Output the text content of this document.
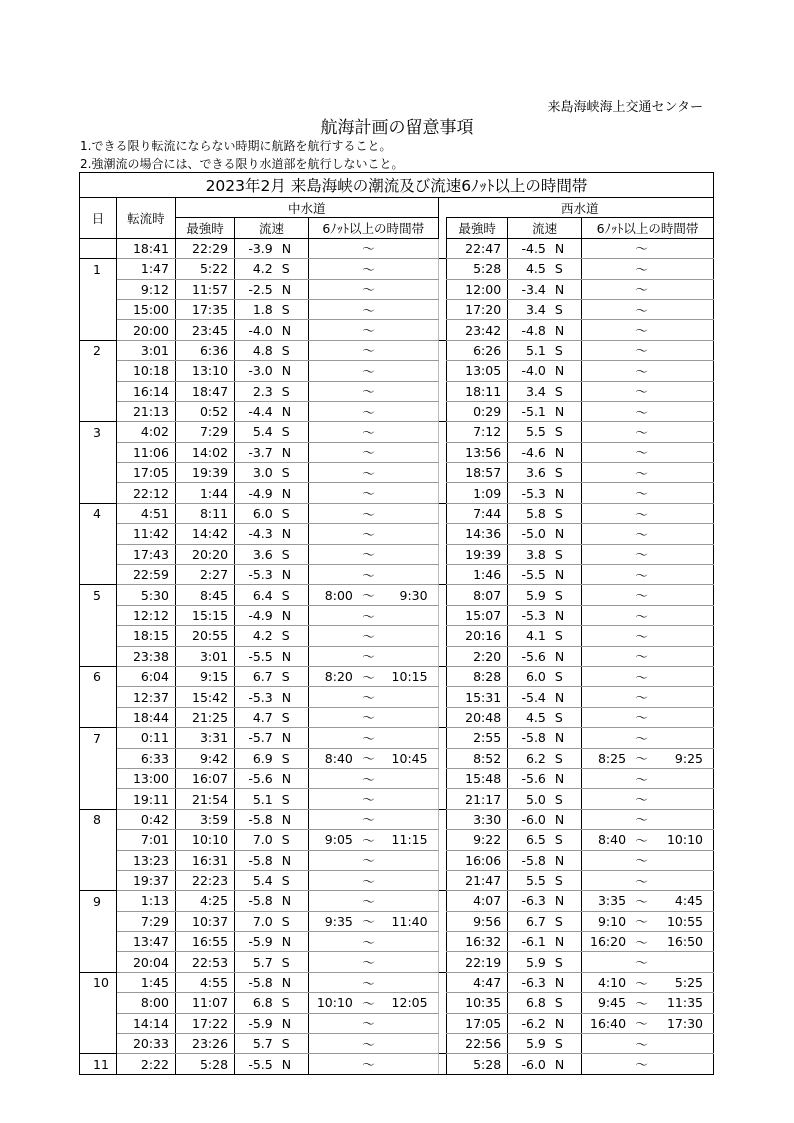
来島海峡海上交通センター
航海計画の留意事項
1.できる限り転流にならない時期に航路を航行すること。
2.強潮流の場合には、できる限り水道部を航行しないこと。
2023年2月 来島海峡の潮流及び流速6ﾉｯﾄ以上の時間帯														
日	転流時	中水道							西水道					
		最強時	流速		6ﾉｯﾄ以上の時間帯				最強時	流速		6ﾉｯﾄ以上の時間帯		
	18:41	22:29	-3.9	N		〜			22:47	-4.5	N		〜	
1	1:47	5:22	4.2	S		〜			5:28	4.5	S		〜	
	9:12	11:57	-2.5	N		〜			12:00	-3.4	N		〜	
	15:00	17:35	1.8	S		〜			17:20	3.4	S		〜	
	20:00	23:45	-4.0	N		〜			23:42	-4.8	N		〜	
2	3:01	6:36	4.8	S		〜			6:26	5.1	S		〜	
	10:18	13:10	-3.0	N		〜			13:05	-4.0	N		〜	
	16:14	18:47	2.3	S		〜			18:11	3.4	S		〜	
	21:13	0:52	-4.4	N		〜			0:29	-5.1	N		〜	
3	4:02	7:29	5.4	S		〜			7:12	5.5	S		〜	
	11:06	14:02	-3.7	N		〜			13:56	-4.6	N		〜	
	17:05	19:39	3.0	S		〜			18:57	3.6	S		〜	
	22:12	1:44	-4.9	N		〜			1:09	-5.3	N		〜	
4	4:51	8:11	6.0	S		〜			7:44	5.8	S		〜	
	11:42	14:42	-4.3	N		〜			14:36	-5.0	N		〜	
	17:43	20:20	3.6	S		〜			19:39	3.8	S		〜	
	22:59	2:27	-5.3	N		〜			1:46	-5.5	N		〜	
5	5:30	8:45	6.4	S	8:00	〜	9:30		8:07	5.9	S		〜	
	12:12	15:15	-4.9	N		〜			15:07	-5.3	N		〜	
	18:15	20:55	4.2	S		〜			20:16	4.1	S		〜	
	23:38	3:01	-5.5	N		〜			2:20	-5.6	N		〜	
6	6:04	9:15	6.7	S	8:20	〜	10:15		8:28	6.0	S		〜	
	12:37	15:42	-5.3	N		〜			15:31	-5.4	N		〜	
	18:44	21:25	4.7	S		〜			20:48	4.5	S		〜	
7	0:11	3:31	-5.7	N		〜			2:55	-5.8	N		〜	
	6:33	9:42	6.9	S	8:40	〜	10:45		8:52	6.2	S	8:25	〜	9:25
	13:00	16:07	-5.6	N		〜			15:48	-5.6	N		〜	
	19:11	21:54	5.1	S		〜			21:17	5.0	S		〜	
8	0:42	3:59	-5.8	N		〜			3:30	-6.0	N		〜	
	7:01	10:10	7.0	S	9:05	〜	11:15		9:22	6.5	S	8:40	〜	10:10
	13:23	16:31	-5.8	N		〜			16:06	-5.8	N		〜	
	19:37	22:23	5.4	S		〜			21:47	5.5	S		〜	
9	1:13	4:25	-5.8	N		〜			4:07	-6.3	N	3:35	〜	4:45
	7:29	10:37	7.0	S	9:35	〜	11:40		9:56	6.7	S	9:10	〜	10:55
	13:47	16:55	-5.9	N		〜			16:32	-6.1	N	16:20	〜	16:50
	20:04	22:53	5.7	S		〜			22:19	5.9	S		〜	
10	1:45	4:55	-5.8	N		〜			4:47	-6.3	N	4:10	〜	5:25
	8:00	11:07	6.8	S	10:10	〜	12:05		10:35	6.8	S	9:45	〜	11:35
	14:14	17:22	-5.9	N		〜			17:05	-6.2	N	16:40	〜	17:30
	20:33	23:26	5.7	S		〜			22:56	5.9	S		〜	
11	2:22	5:28	-5.5	N		〜			5:28	-6.0	N		〜	
